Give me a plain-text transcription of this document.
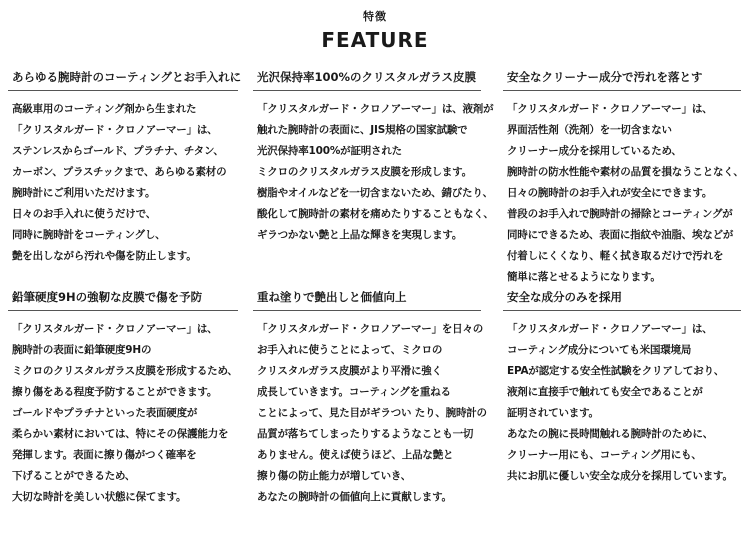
特徴
FEATURE
あらゆる腕時計のコーティングとお手入れに
高級車用のコーティング剤から生まれた
「クリスタルガード・クロノアーマー」は、
ステンレスからゴールド、プラチナ、チタン、
カーボン、プラスチックまで、あらゆる素材の
腕時計にご利用いただけます。
日々のお手入れに使うだけで、
同時に腕時計をコーティングし、
艶を出しながら汚れや傷を防止します。
光沢保持率100%のクリスタルガラス皮膜
「クリスタルガード・クロノアーマー」は、液剤が
触れた腕時計の表面に、JIS規格の国家試験で
光沢保持率100%が証明された
ミクロのクリスタルガラス皮膜を形成します。
樹脂やオイルなどを一切含まないため、錆びたり、
酸化して腕時計の素材を痛めたりすることもなく、
ギラつかない艶と上品な輝きを実現します。
安全なクリーナー成分で汚れを落とす
「クリスタルガード・クロノアーマー」は、
界面活性剤（洗剤）を一切含まない
クリーナー成分を採用しているため、
腕時計の防水性能や素材の品質を損なうことなく、
日々の腕時計のお手入れが安全にできます。
普段のお手入れで腕時計の掃除とコーティングが
同時にできるため、表面に指紋や油脂、埃などが
付着しにくくなり、軽く拭き取るだけで汚れを
簡単に落とせるようになります。
鉛筆硬度9Hの強靭な皮膜で傷を予防
「クリスタルガード・クロノアーマー」は、
腕時計の表面に鉛筆硬度9Hの
ミクロのクリスタルガラス皮膜を形成するため、
擦り傷をある程度予防することができます。
ゴールドやプラチナといった表面硬度が
柔らかい素材においては、特にその保護能力を
発揮します。表面に擦り傷がつく確率を
下げることができるため、
大切な時計を美しい状態に保てます。
重ね塗りで艶出しと価値向上
「クリスタルガード・クロノアーマー」を日々の
お手入れに使うことによって、ミクロの
クリスタルガラス皮膜がより平滑に強く
成長していきます。コーティングを重ねる
ことによって、見た目がギラつい たり、腕時計の
品質が落ちてしまったりするようなことも一切
ありません。使えば使うほど、上品な艶と
擦り傷の防止能力が増していき、
あなたの腕時計の価値向上に貢献します。
安全な成分のみを採用
「クリスタルガード・クロノアーマー」は、
コーティング成分についても米国環境局
EPAが認定する安全性試験をクリアしており、
液剤に直接手で触れても安全であることが
証明されています。
あなたの腕に長時間触れる腕時計のために、
クリーナー用にも、コーティング用にも、
共にお肌に優しい安全な成分を採用しています。
